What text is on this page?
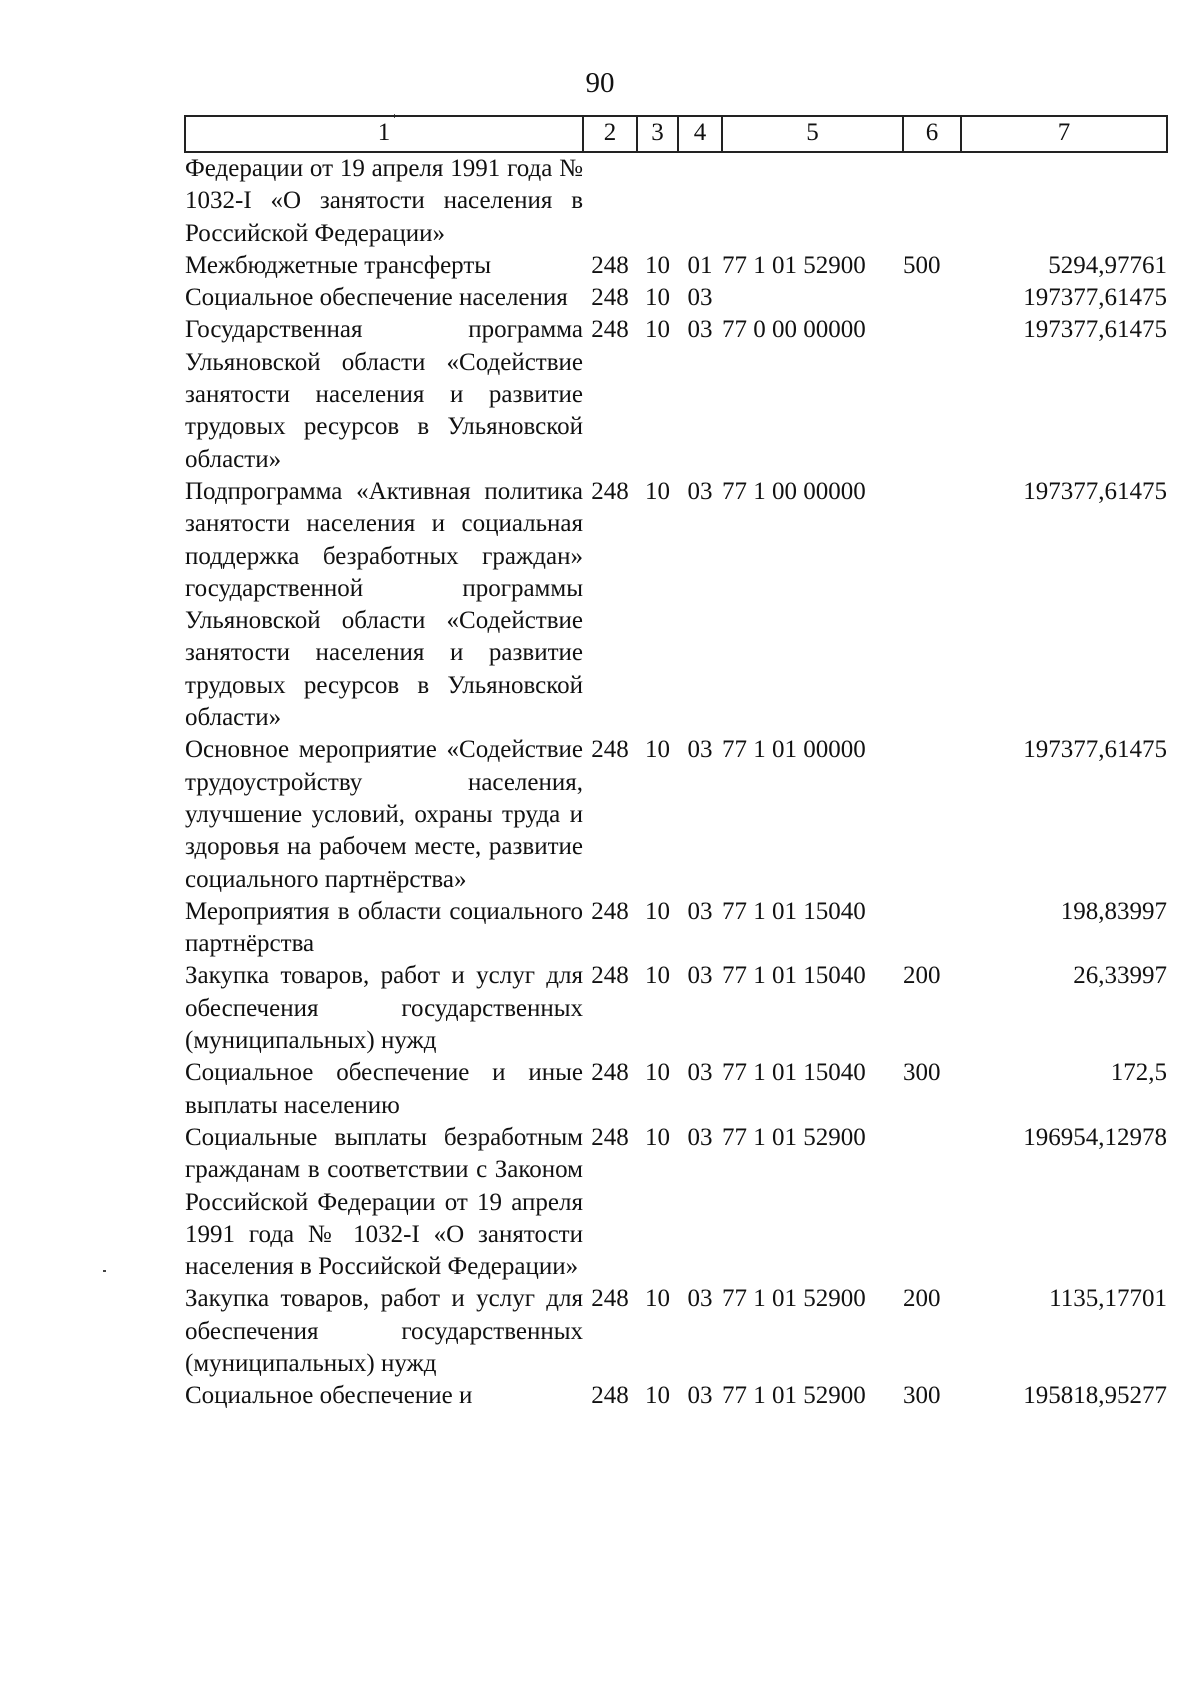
90
1	2	3	4	5	6	7
Федерации от 19 апреля 1991 года № 1032-I «О занятости населения в Российской Федерации»						
Межбюджетные трансферты	248	10	01	77 1 01 52900	500	5294,97761
Социальное обеспечение населения	248	10	03			197377,61475
Государственная программа Ульяновской области «Содействие занятости населения и развитие трудовых ресурсов в Ульяновской области»	248	10	03	77 0 00 00000		197377,61475
Подпрограмма «Активная политика занятости населения и социальная поддержка безработных граждан» государственной программы Ульяновской области «Содействие занятости населения и развитие трудовых ресурсов в Ульяновской области»	248	10	03	77 1 00 00000		197377,61475
Основное мероприятие «Содействие трудоустройству населения, улучшение условий, охраны труда и здоровья на рабочем месте, развитие социального партнёрства»	248	10	03	77 1 01 00000		197377,61475
Мероприятия в области социального партнёрства	248	10	03	77 1 01 15040		198,83997
Закупка товаров, работ и услуг для обеспечения государственных (муниципальных) нужд	248	10	03	77 1 01 15040	200	26,33997
Социальное обеспечение и иные выплаты населению	248	10	03	77 1 01 15040	300	172,5
Социальные выплаты безработным гражданам в соответствии с Законом Российской Федерации от 19 апреля 1991 года № 1032-I «О занятости населения в Российской Федерации»	248	10	03	77 1 01 52900		196954,12978
Закупка товаров, работ и услуг для обеспечения государственных (муниципальных) нужд	248	10	03	77 1 01 52900	200	1135,17701
Социальное обеспечение и	248	10	03	77 1 01 52900	300	195818,95277
